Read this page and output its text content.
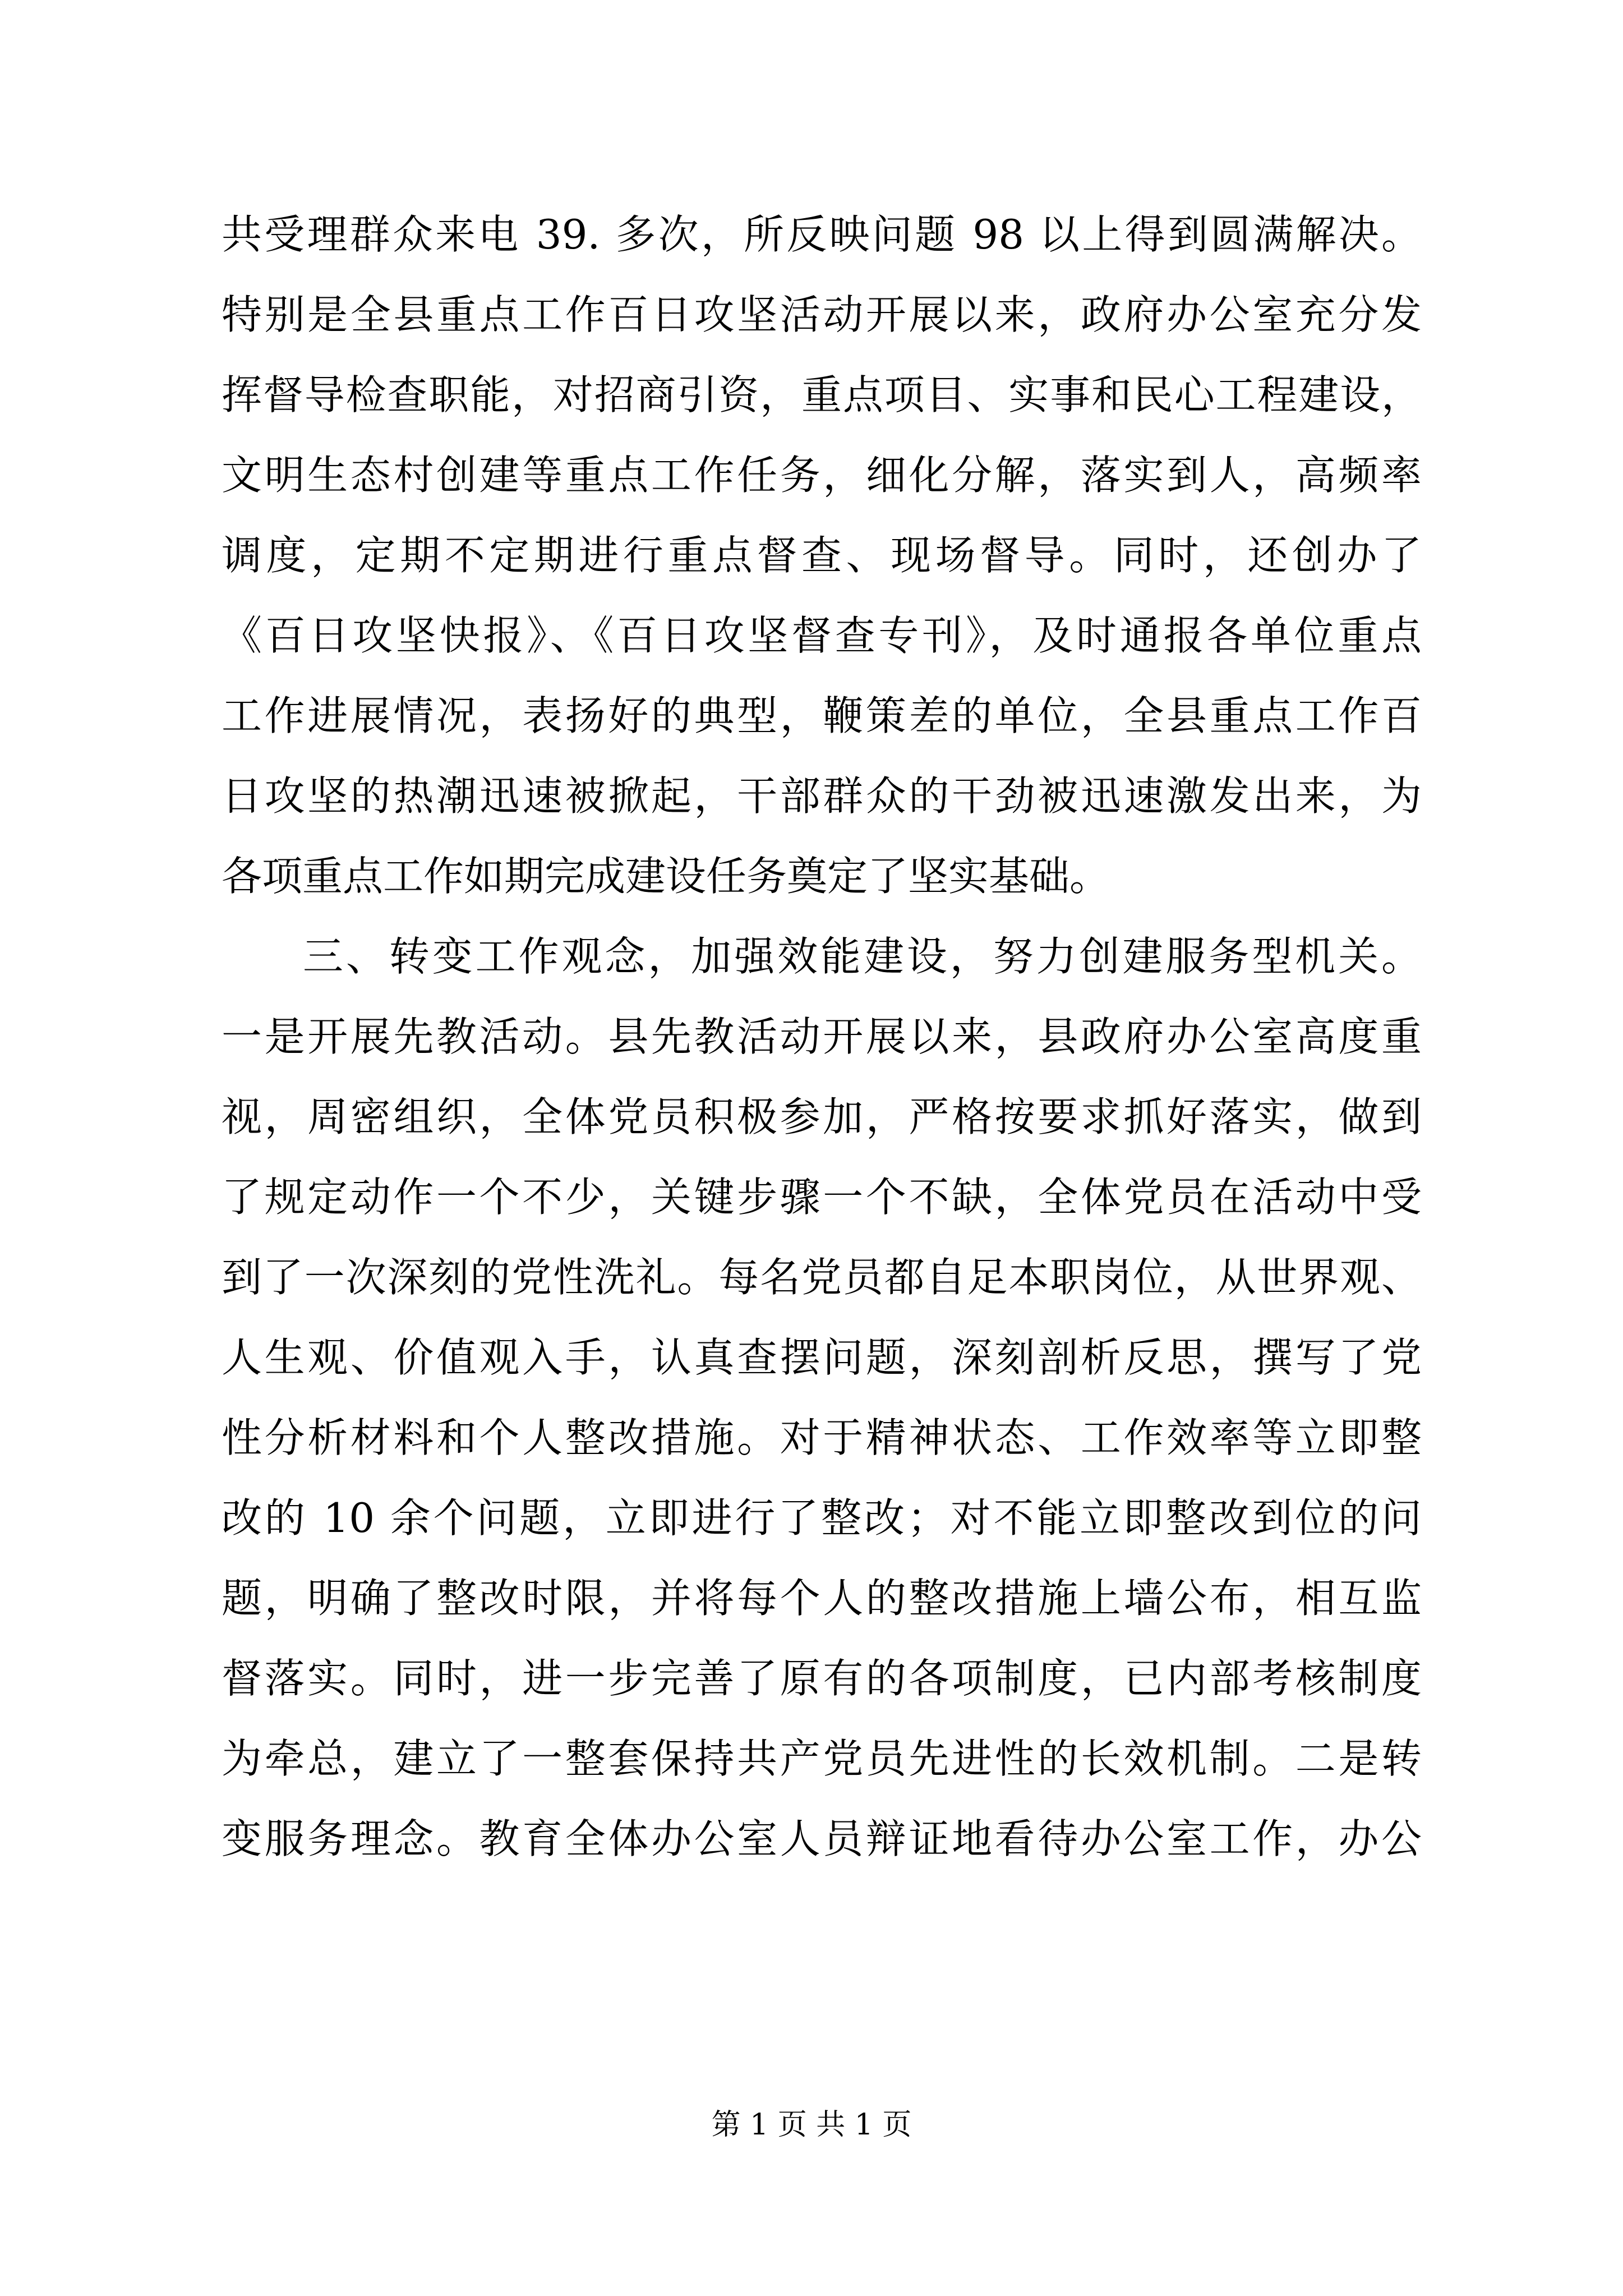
共受理群众来电 39. 多次，所反映问题 98 以上得到圆满解决。
特别是全县重点工作百日攻坚活动开展以来，政府办公室充分发
挥督导检查职能，对招商引资，重点项目、实事和民心工程建设，
文明生态村创建等重点工作任务，细化分解，落实到人，高频率
调度，定期不定期进行重点督查、现场督导。同时，还创办了
《百日攻坚快报》、《百日攻坚督查专刊》，及时通报各单位重点
工作进展情况，表扬好的典型，鞭策差的单位，全县重点工作百
日攻坚的热潮迅速被掀起，干部群众的干劲被迅速激发出来，为
各项重点工作如期完成建设任务奠定了坚实基础。
三、转变工作观念，加强效能建设，努力创建服务型机关。
一是开展先教活动。县先教活动开展以来，县政府办公室高度重
视，周密组织，全体党员积极参加，严格按要求抓好落实，做到
了规定动作一个不少，关键步骤一个不缺，全体党员在活动中受
到了一次深刻的党性洗礼。每名党员都自足本职岗位，从世界观、
人生观、价值观入手，认真查摆问题，深刻剖析反思，撰写了党
性分析材料和个人整改措施。对于精神状态、工作效率等立即整
改的 10 余个问题，立即进行了整改；对不能立即整改到位的问
题，明确了整改时限，并将每个人的整改措施上墙公布，相互监
督落实。同时，进一步完善了原有的各项制度，已内部考核制度
为牵总，建立了一整套保持共产党员先进性的长效机制。二是转
变服务理念。教育全体办公室人员辩证地看待办公室工作，办公
第 1 页 共 1 页
